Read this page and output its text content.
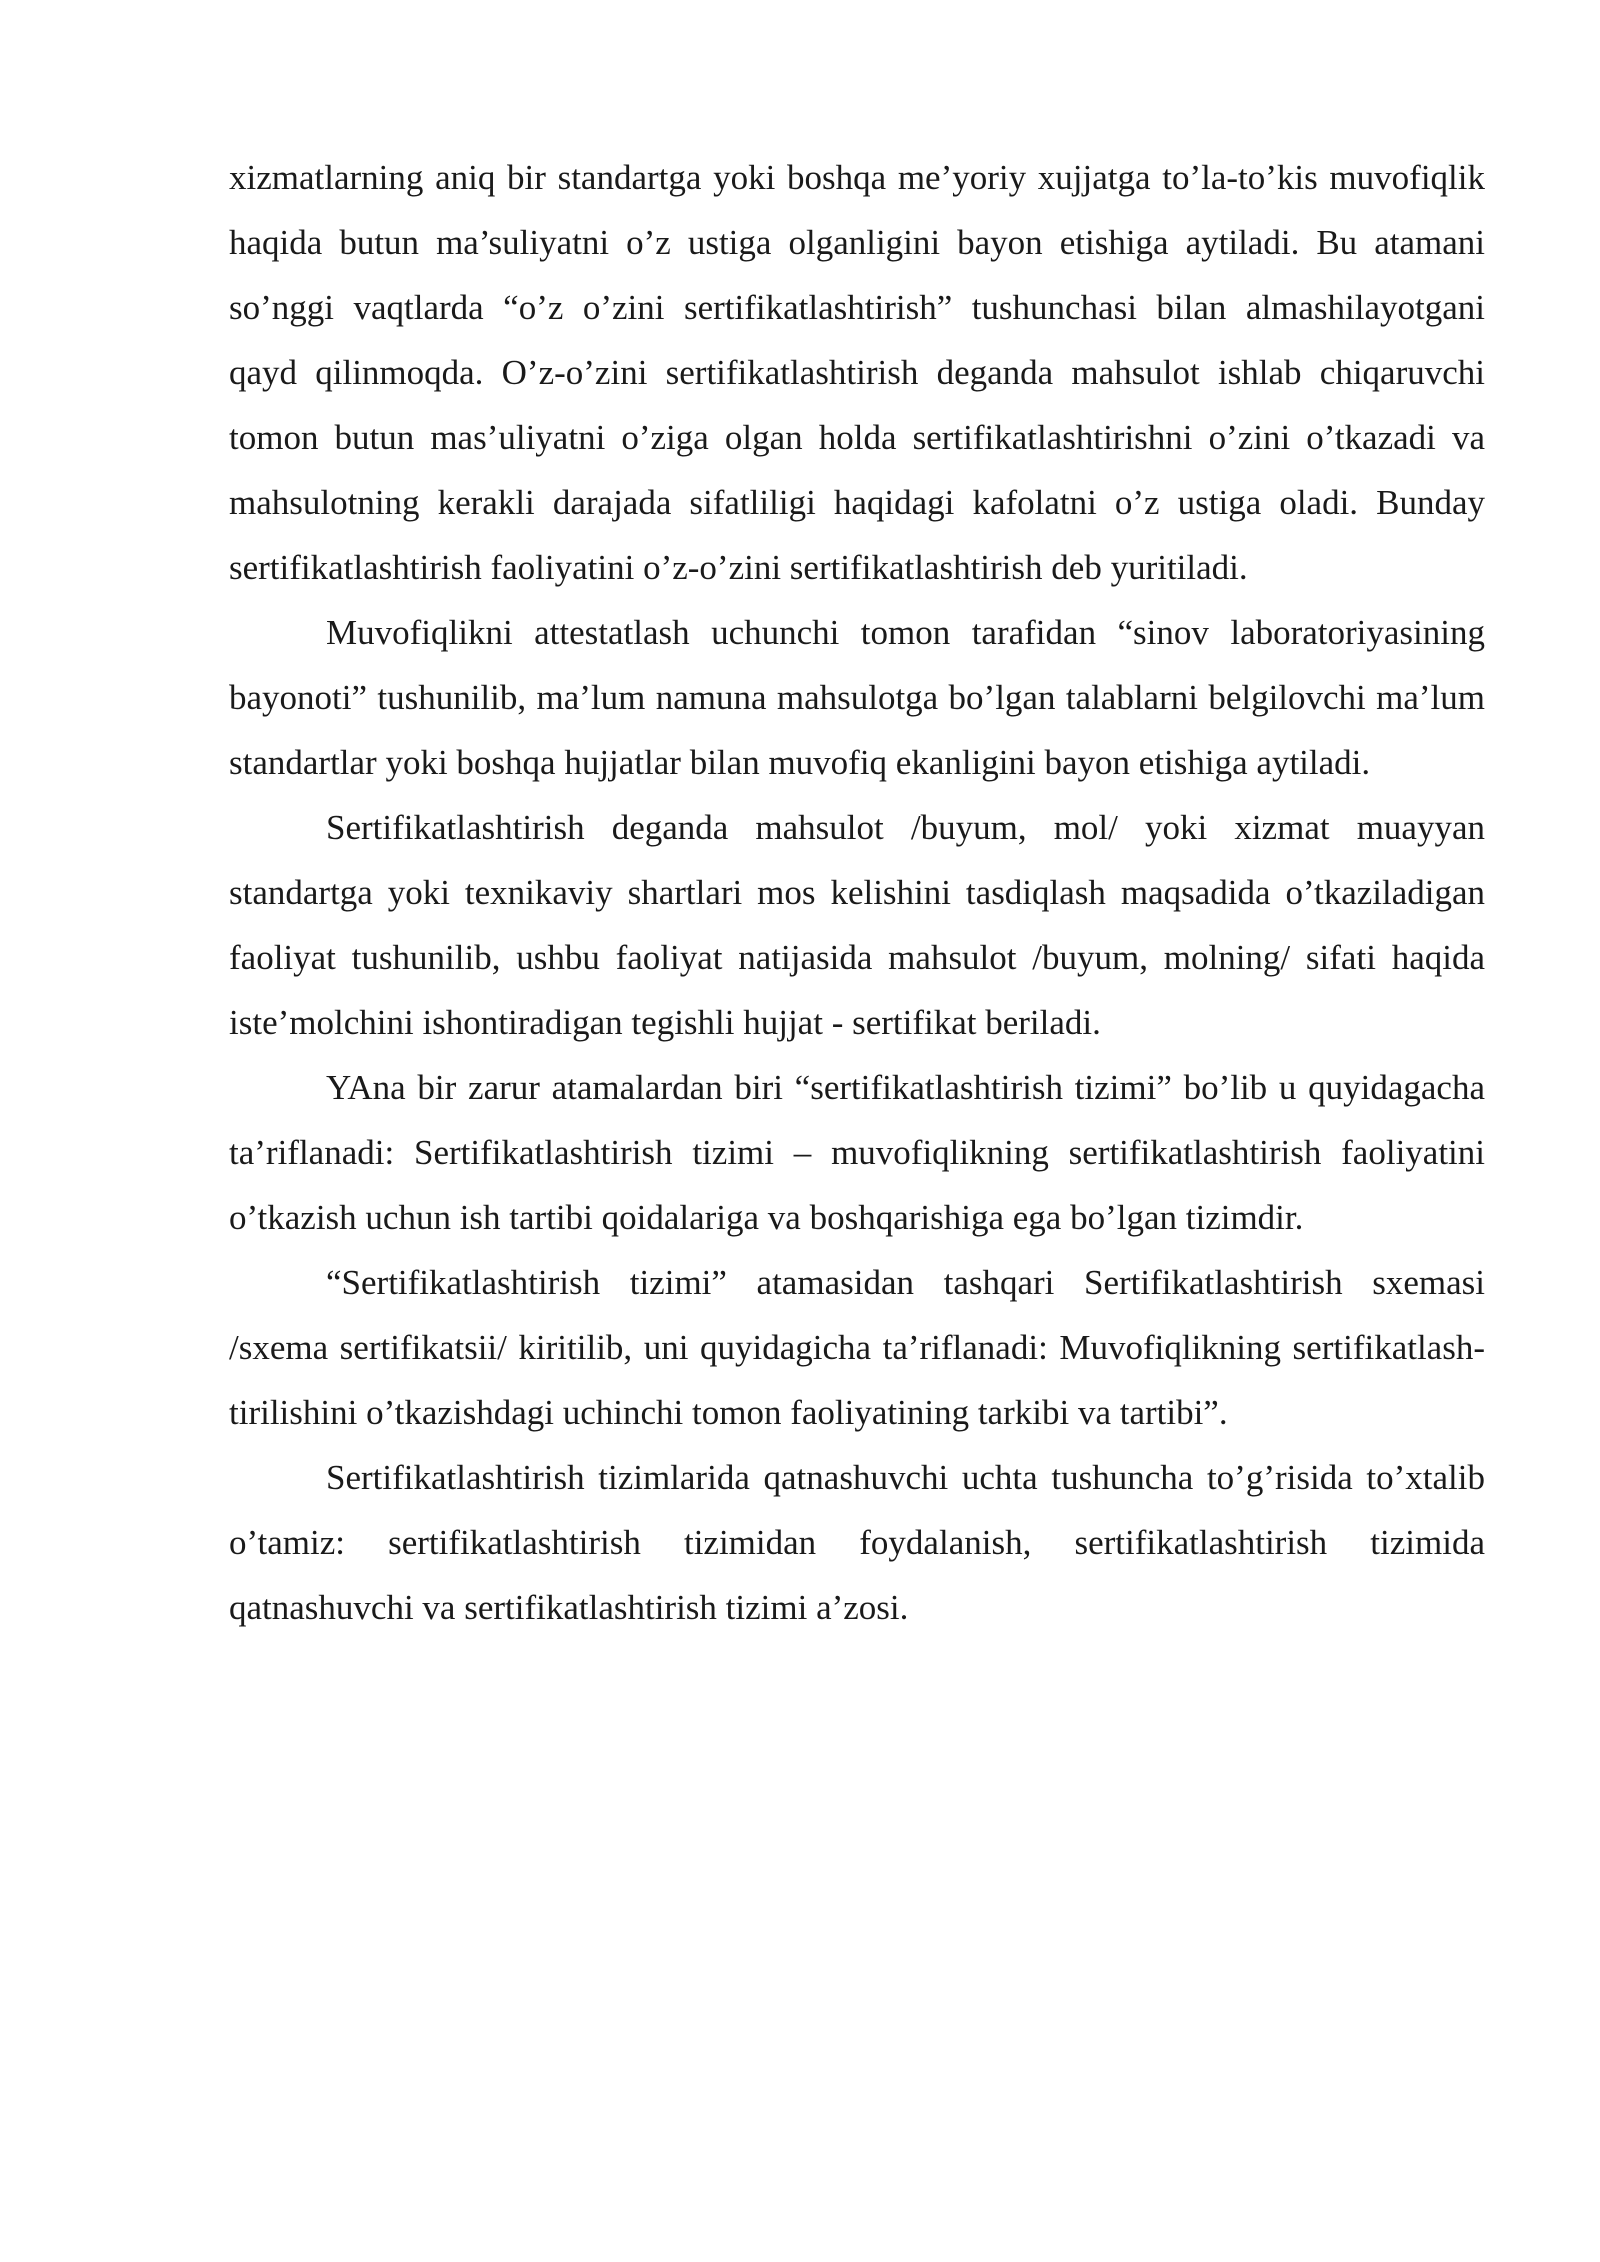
xizmatlarning aniq bir standartga yoki boshqa me’yoriy xujjatga to’la-to’kis muvofiqlik haqida butun ma’suliyatni o’z ustiga olganligini bayon etishiga aytiladi. Bu atamani so’nggi vaqtlarda “o’z o’zini sertifikatlashtirish” tushunchasi bilan almashilayotgani qayd qilinmoqda. O’z-o’zini sertifikatlashtirish deganda mahsulot ishlab chiqaruvchi tomon butun mas’uliyatni o’ziga olgan holda sertifikatlashtirishni o’zini o’tkazadi va mahsulotning kerakli darajada sifatliligi haqidagi kafolatni o’z ustiga oladi. Bunday sertifikatlashtirish faoliyatini o’z-o’zini sertifikatlashtirish deb yuritiladi.

Muvofiqlikni attestatlash uchunchi tomon tarafidan “sinov laboratoriyasining bayonoti” tushunilib, ma’lum namuna mahsulotga bo’lgan talablarni belgilovchi ma’lum standartlar yoki boshqa hujjatlar bilan muvofiq ekanligini bayon etishiga aytiladi.

Sertifikatlashtirish deganda mahsulot /buyum, mol/ yoki xizmat muayyan standartga yoki texnikaviy shartlari mos kelishini tasdiqlash maqsadida o’tkaziladigan faoliyat tushunilib, ushbu faoliyat natijasida mahsulot /buyum, molning/ sifati haqida iste’molchini ishontiradigan tegishli hujjat - sertifikat beriladi.

YAna bir zarur atamalardan biri “sertifikatlashtirish tizimi” bo’lib u quyidagacha ta’riflanadi: Sertifikatlashtirish tizimi – muvofiqlikning sertifikatlashtirish faoliyatini o’tkazish uchun ish tartibi qoidalariga va boshqarishiga ega bo’lgan tizimdir.

“Sertifikatlashtirish tizimi” atamasidan tashqari Sertifikatlashtirish sxemasi /sxema sertifikatsii/ kiritilib, uni quyidagicha ta’riflanadi: Muvofiqlikning sertifikatlash-tirilishini o’tkazishdagi uchinchi tomon faoliyatining tarkibi va tartibi”.

Sertifikatlashtirish tizimlarida qatnashuvchi uchta tushuncha to’g’risida to’xtalib o’tamiz: sertifikatlashtirish tizimidan foydalanish, sertifikatlashtirish tizimida qatnashuvchi va sertifikatlashtirish tizimi a’zosi.
